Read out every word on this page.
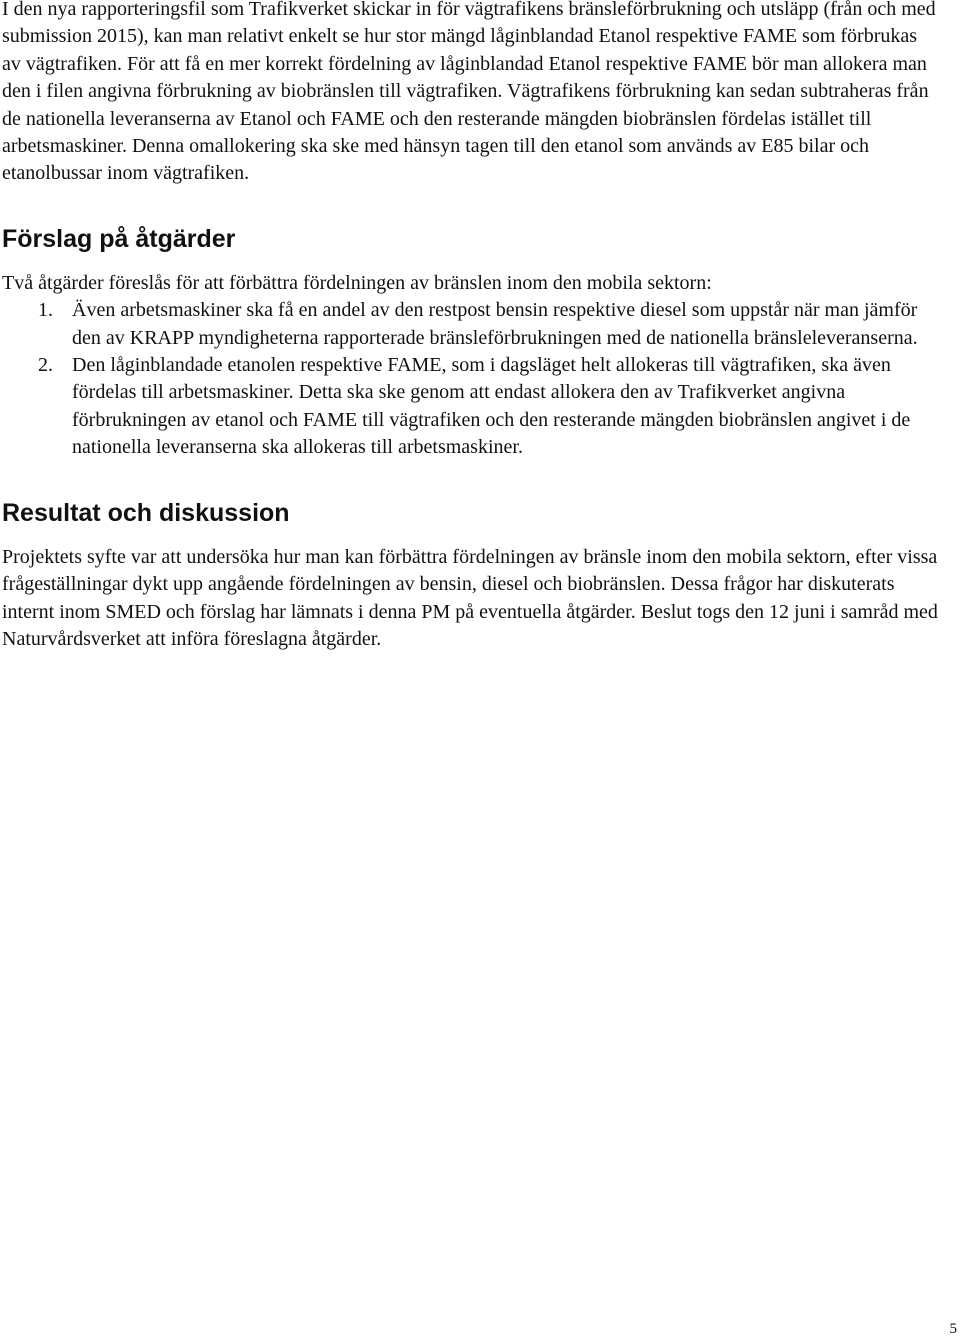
I den nya rapporteringsfil som Trafikverket skickar in för vägtrafikens bränsleförbrukning och utsläpp (från och med submission 2015), kan man relativt enkelt se hur stor mängd låginblandad Etanol respektive FAME som förbrukas av vägtrafiken. För att få en mer korrekt fördelning av låginblandad Etanol respektive FAME bör man allokera man den i filen angivna förbrukning av biobränslen till vägtrafiken. Vägtrafikens förbrukning kan sedan subtraheras från de nationella leveranserna av Etanol och FAME och den resterande mängden biobränslen fördelas istället till arbetsmaskiner. Denna omallokering ska ske med hänsyn tagen till den etanol som används av E85 bilar och etanolbussar inom vägtrafiken.

Förslag på åtgärder

Två åtgärder föreslås för att förbättra fördelningen av bränslen inom den mobila sektorn:

1. Även arbetsmaskiner ska få en andel av den restpost bensin respektive diesel som uppstår när man jämför den av KRAPP myndigheterna rapporterade bränsleförbrukningen med de nationella bränsleleveranserna.
2. Den låginblandade etanolen respektive FAME, som i dagsläget helt allokeras till vägtrafiken, ska även fördelas till arbetsmaskiner. Detta ska ske genom att endast allokera den av Trafikverket angivna förbrukningen av etanol och FAME till vägtrafiken och den resterande mängden biobränslen angivet i de nationella leveranserna ska allokeras till arbetsmaskiner.
Resultat och diskussion

Projektets syfte var att undersöka hur man kan förbättra fördelningen av bränsle inom den mobila sektorn, efter vissa frågeställningar dykt upp angående fördelningen av bensin, diesel och biobränslen. Dessa frågor har diskuterats internt inom SMED och förslag har lämnats i denna PM på eventuella åtgärder. Beslut togs den 12 juni i samråd med Naturvårdsverket att införa föreslagna åtgärder.

5
